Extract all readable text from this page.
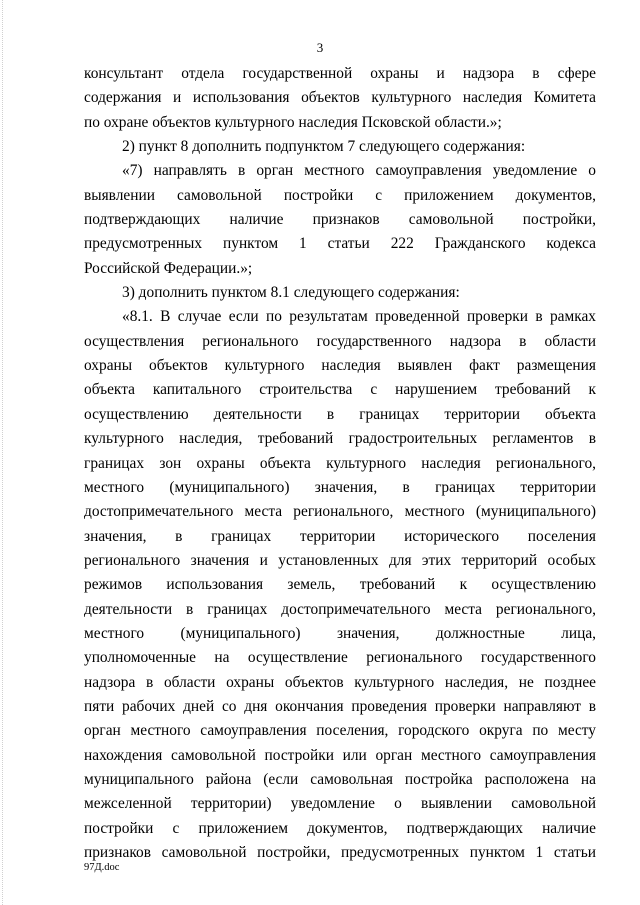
3
консультант отдела государственной охраны и надзора в сфере
содержания и использования объектов культурного наследия Комитета
по охране объектов культурного наследия Псковской области.»;
2) пункт 8 дополнить подпунктом 7 следующего содержания:
«7) направлять в орган местного самоуправления уведомление о
выявлении самовольной постройки с приложением документов,
подтверждающих наличие признаков самовольной постройки,
предусмотренных пунктом 1 статьи 222 Гражданского кодекса
Российской Федерации.»;
3) дополнить пунктом 8.1 следующего содержания:
«8.1. В случае если по результатам проведенной проверки в рамках
осуществления регионального государственного надзора в области
охраны объектов культурного наследия выявлен факт размещения
объекта капитального строительства с нарушением требований к
осуществлению деятельности в границах территории объекта
культурного наследия, требований градостроительных регламентов в
границах зон охраны объекта культурного наследия регионального,
местного (муниципального) значения, в границах территории
достопримечательного места регионального, местного (муниципального)
значения, в границах территории исторического поселения
регионального значения и установленных для этих территорий особых
режимов использования земель, требований к осуществлению
деятельности в границах достопримечательного места регионального,
местного (муниципального) значения, должностные лица,
уполномоченные на осуществление регионального государственного
надзора в области охраны объектов культурного наследия, не позднее
пяти рабочих дней со дня окончания проведения проверки направляют в
орган местного самоуправления поселения, городского округа по месту
нахождения самовольной постройки или орган местного самоуправления
муниципального района (если самовольная постройка расположена на
межселенной территории) уведомление о выявлении самовольной
постройки с приложением документов, подтверждающих наличие
признаков самовольной постройки, предусмотренных пунктом 1 статьи
97Д.doc
